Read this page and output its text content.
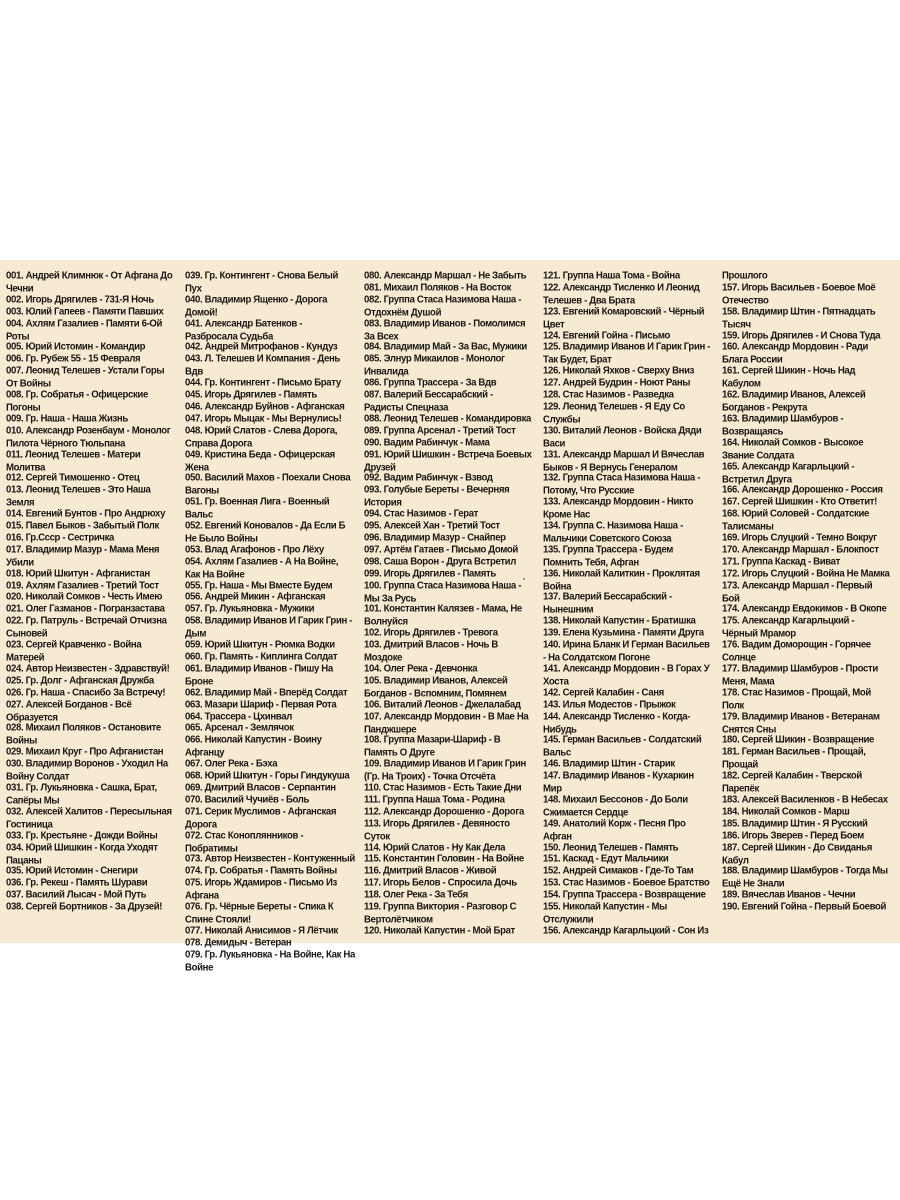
001. Андрей Климнюк - От Афгана До Чечни
002. Игорь Дрягилев - 731-Я Ночь
003. Юлий Гапеев - Памяти Павших
004. Ахлям Газалиев - Памяти 6-Ой Роты
005. Юрий Истомин - Командир
006. Гр. Рубеж 55 - 15 Февраля
007. Леонид Телешев - Устали Горы От Войны
008. Гр. Собратья - Офицерские Погоны
009. Гр. Наша - Наша Жизнь
010. Александр Розенбаум - Монолог Пилота Чёрного Тюльпана
011. Леонид Телешев - Матери Молитва
012. Сергей Тимошенко - Отец
013. Леонид Телешев - Это Наша Земля
014. Евгений Бунтов - Про Андрюху
015. Павел Быков - Забытый Полк
016. Гр.Ссср - Сестричка
017. Владимир Мазур - Мама Меня Убили
018. Юрий Шкитун - Афганистан
019. Ахлям Газалиев - Третий Тост
020. Николай Сомков - Честь Имею
021. Олег Газманов - Погранзастава
022. Гр. Патруль - Встречай Отчизна Сыновей
023. Сергей Кравченко - Война Матерей
024. Автор Неизвестен - Здравствуй!
025. Гр. Долг - Афганская Дружба
026. Гр. Наша - Спасибо За Встречу!
027. Алексей Богданов - Всё Образуется
028. Михаил Поляков - Остановите Войны
029. Михаил Круг - Про Афганистан
030. Владимир Воронов - Уходил На Войну Солдат
031. Гр. Лукьяновка - Сашка, Брат, Сапёры Мы
032. Алексей Халитов - Пересыльная Гостиница
033. Гр. Крестьяне - Дожди Войны
034. Юрий Шишкин - Когда Уходят Пацаны
035. Юрий Истомин - Снегири
036. Гр. Рекеш - Память Шурави
037. Василий Лысач - Мой Путь
038. Сергей Бортников - За Друзей!
039. Гр. Контингент - Снова Белый Пух
040. Владимир Ященко - Дорога Домой!
041. Александр Батенков - Разбросала Судьба
042. Андрей Митрофанов - Кундуз
043. Л. Телешев И Компания - День Вдв
044. Гр. Контингент - Письмо Брату
045. Игорь Дрягилев - Память
046. Александр Буйнов - Афганская
047. Игорь Мыцак - Мы Вернулись!
048. Юрий Слатов - Слева Дорога, Справа Дорога
049. Кристина Беда - Офицерская Жена
050. Василий Махов - Поехали Снова Вагоны
051. Гр. Военная Лига - Военный Вальс
052. Евгений Коновалов - Да Если Б Не Было Войны
053. Влад Агафонов - Про Лёху
054. Ахлям Газалиев - А На Войне, Как На Войне
055. Гр. Наша - Мы Вместе Будем
056. Андрей Микин - Афганская
057. Гр. Лукьяновка - Мужики
058. Владимир Иванов И Гарик Грин - Дым
059. Юрий Шкитун - Рюмка Водки
060. Гр. Память - Киплинга Солдат
061. Владимир Иванов - Пишу На Броне
062. Владимир Май - Вперёд Солдат
063. Мазари Шариф - Первая Рота
064. Трассера - Цхинвал
065. Арсенал - Землячок
066. Николай Капустин - Воину Афганцу
067. Олег Река - Бэха
068. Юрий Шкитун - Горы Гиндукуша
069. Дмитрий Власов - Серпантин
070. Василий Чучиёв - Боль
071. Серик Муслимов - Афганская Дорога
072. Стас Коноплянников - Побратимы
073. Автор Неизвестен - Контуженный
074. Гр. Собратья - Память Войны
075. Игорь Ждамиров - Письмо Из Афгана
076. Гр. Чёрные Береты - Спика К Спине Стояли!
077. Николай Анисимов - Я Лётчик
078. Демидыч - Ветеран
079. Гр. Лукьяновка - На Войне, Как На Войне
080. Александр Маршал - Не Забыть
081. Михаил Поляков - На Восток
082. Группа Стаса Назимова Наша - Отдохнём Душой
083. Владимир Иванов - Помолимся За Всех
084. Владимир Май - За Вас, Мужики
085. Элнур Микаилов - Монолог Инвалида
086. Группа Трассера - За Вдв
087. Валерий Бессарабский - Радисты Спецназа
088. Леонид Телешев - Командировка
089. Группа Арсенал - Третий Тост
090. Вадим Рабинчук - Мама
091. Юрий Шишкин - Встреча Боевых Друзей
092. Вадим Рабинчук - Взвод
093. Голубые Береты - Вечерняя История
094. Стас Назимов - Герат
095. Алексей Хан - Третий Тост
096. Владимир Мазур - Снайпер
097. Артём Гатаев - Письмо Домой
098. Саша Ворон - Друга Встретил
099. Игорь Дрягилев - Память
100. Группа Стаса Назимова Наша - Мы За Русь
101. Константин Калязев - Мама, Не Волнуйся
102. Игорь Дрягилев - Тревога
103. Дмитрий Власов - Ночь В Моздоке
104. Олег Река - Девчонка
105. Владимир Иванов, Алексей Богданов - Вспомним, Помянем
106. Виталий Леонов - Джелалабад
107. Александр Мордовин - В Мае На Панджшере
108. Группа Мазари-Шариф - В Память О Друге
109. Владимир Иванов И Гарик Грин (Гр. На Троих) - Точка Отсчёта
110. Стас Назимов - Есть Такие Дни
111. Группа Наша Тома - Родина
112. Александр Дорошенко - Дорога
113. Игорь Дрягилев - Девяносто Суток
114. Юрий Слатов - Ну Как Дела
115. Константин Головин - На Войне
116. Дмитрий Власов - Живой
117. Игорь Белов - Спросила Дочь
118. Олег Река - За Тебя
119. Группа Виктория - Разговор С Вертолётчиком
120. Николай Капустин - Мой Брат
121. Группа Наша Тома - Война
122. Александр Тисленко И Леонид Телешев - Два Брата
123. Евгений Комаровский - Чёрный Цвет
124. Евгений Гойна - Письмо
125. Владимир Иванов И Гарик Грин - Так Будет, Брат
126. Николай Яхков - Сверху Вниз
127. Андрей Будрин - Ноют Раны
128. Стас Назимов - Разведка
129. Леонид Телешев - Я Еду Со Службы
130. Виталий Леонов - Войска Дяди Васи
131. Александр Маршал И Вячеслав Быков - Я Вернусь Генералом
132. Группа Стаса Назимова Наша - Потому, Что Русские
133. Александр Мордовин - Никто Кроме Нас
134. Группа С. Назимова Наша - Мальчики Советского Союза
135. Группа Трассера - Будем Помнить Тебя, Афган
136. Николай Калиткин - Проклятая Война
137. Валерий Бессарабский - Нынешним
138. Николай Капустин - Братишка
139. Елена Кузьмина - Памяти Друга
140. Ирина Бланк И Герман Васильев - На Солдатском Погоне
141. Александр Мордовин - В Горах У Хоста
142. Сергей Калабин - Саня
143. Илья Модестов - Прыжок
144. Александр Тисленко - Когда-Нибудь
145. Герман Васильев - Солдатский Вальс
146. Владимир Штин - Старик
147. Владимир Иванов - Кухаркин Мир
148. Михаил Бессонов - До Боли Сжимается Сердце
149. Анатолий Корж - Песня Про Афган
150. Леонид Телешев - Память
151. Каскад - Едут Мальчики
152. Андрей Симаков - Где-То Там
153. Стас Назимов - Боевое Братство
154. Группа Трассера - Возвращение
155. Николай Капустин - Мы Отслужили
156. Александр Кагарльцкий - Сон Из
Прошлого
157. Игорь Васильев - Боевое Моё Отечество
158. Владимир Штин - Пятнадцать Тысяч
159. Игорь Дрягилев - И Снова Туда
160. Александр Мордовин - Ради Блага России
161. Сергей Шикин - Ночь Над Кабулом
162. Владимир Иванов, Алексей Богданов - Рекрута
163. Владимир Шамбуров - Возвращаясь
164. Николай Сомков - Высокое Звание Солдата
165. Александр Кагарльцкий - Встретил Друга
166. Александр Дорошенко - Россия
167. Сергей Шишкин - Кто Ответит!
168. Юрий Соловей - Солдатские Талисманы
169. Игорь Слуцкий - Темно Вокруг
170. Александр Маршал - Блокпост
171. Группа Каскад - Виват
172. Игорь Слуцкий - Война Не Мамка
173. Александр Маршал - Первый Бой
174. Александр Евдокимов - В Окопе
175. Александр Кагарльцкий - Чёрный Мрамор
176. Вадим Доморощин - Горячее Солнце
177. Владимир Шамбуров - Прости Меня, Мама
178. Стас Назимов - Прощай, Мой Полк
179. Владимир Иванов - Ветеранам Снятся Сны
180. Сергей Шикин - Возвращение
181. Герман Васильев - Прощай, Прощай
182. Сергей Калабин - Тверской Парепёк
183. Алексей Василенков - В Небесах
184. Николай Сомков - Марш
185. Владимир Штин - Я Русский
186. Игорь Зверев - Перед Боем
187. Сергей Шикин - До Свиданья Кабул
188. Владимир Шамбуров - Тогда Мы Ещё Не Знали
189. Вячеслав Иванов - Чечни
190. Евгений Гойна - Первый Боевой
